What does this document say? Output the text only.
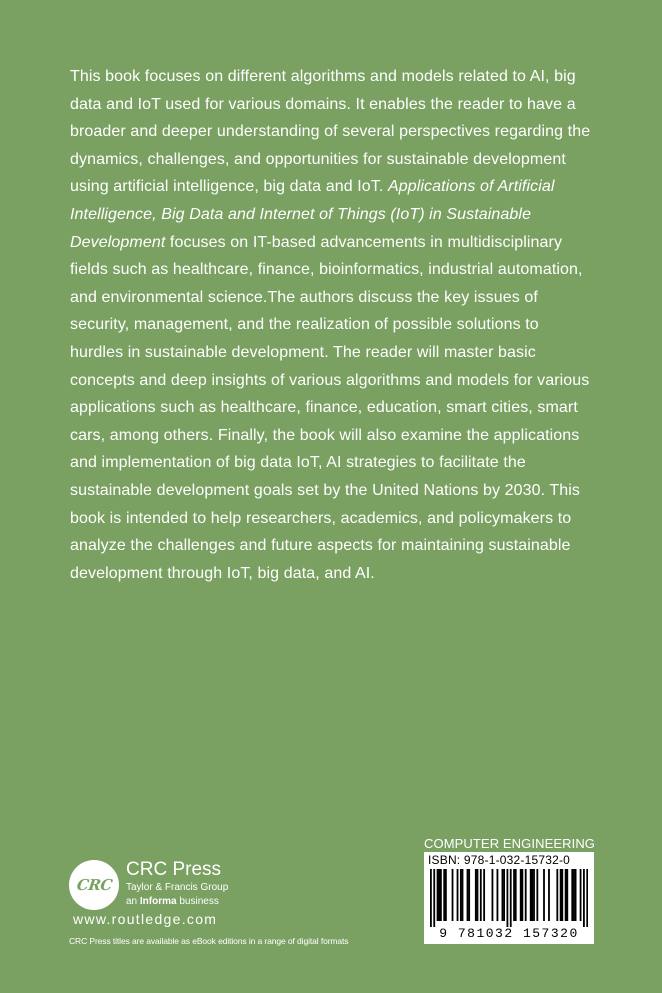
This book focuses on different algorithms and models related to AI, big data and IoT used for various domains. It enables the reader to have a broader and deeper understanding of several perspectives regarding the dynamics, challenges, and opportunities for sustainable development using artificial intelligence, big data and IoT. Applications of Artificial Intelligence, Big Data and Internet of Things (IoT) in Sustainable Development focuses on IT-based advancements in multidisciplinary fields such as healthcare, finance, bioinformatics, industrial automation, and environmental science.The authors discuss the key issues of security, management, and the realization of possible solutions to hurdles in sustainable development. The reader will master basic concepts and deep insights of various algorithms and models for various applications such as healthcare, finance, education, smart cities, smart cars, among others. Finally, the book will also examine the applications and implementation of big data IoT, AI strategies to facilitate the sustainable development goals set by the United Nations by 2030. This book is intended to help researchers, academics, and policymakers to analyze the challenges and future aspects for maintaining sustainable development through IoT, big data, and AI.

CRC
CRC Press
Taylor & Francis Group
an Informa business
www.routledge.com
CRC Press titles are available as eBook editions in a range of digital formats
COMPUTER ENGINEERING
ISBN: 978-1-032-15732-0
9 781032 157320
